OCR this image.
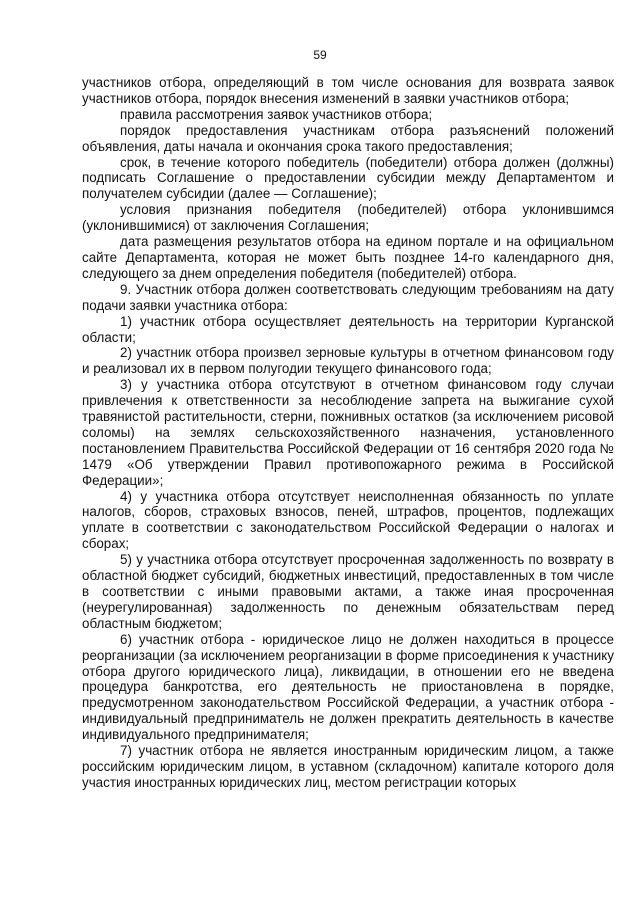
59

участников отбора, определяющий в том числе основания для возврата заявок участников отбора, порядок внесения изменений в заявки участников отбора;

правила рассмотрения заявок участников отбора;

порядок предоставления участникам отбора разъяснений положений объявления, даты начала и окончания срока такого предоставления;

срок, в течение которого победитель (победители) отбора должен (должны) подписать Соглашение о предоставлении субсидии между Департаментом и получателем субсидии (далее — Соглашение);

условия признания победителя (победителей) отбора уклонившимся (уклонившимися) от заключения Соглашения;

дата размещения результатов отбора на едином портале и на официальном сайте Департамента, которая не может быть позднее 14-го календарного дня, следующего за днем определения победителя (победителей) отбора.

9. Участник отбора должен соответствовать следующим требованиям на дату подачи заявки участника отбора:

1) участник отбора осуществляет деятельность на территории Курганской области;

2) участник отбора произвел зерновые культуры в отчетном финансовом году и реализовал их в первом полугодии текущего финансового года;

3) у участника отбора отсутствуют в отчетном финансовом году случаи привлечения к ответственности за несоблюдение запрета на выжигание сухой травянистой растительности, стерни, пожнивных остатков (за исключением рисовой соломы) на землях сельскохозяйственного назначения, установленного постановлением Правительства Российской Федерации от 16 сентября 2020 года № 1479 «Об утверждении Правил противопожарного режима в Российской Федерации»;

4) у участника отбора отсутствует неисполненная обязанность по уплате налогов, сборов, страховых взносов, пеней, штрафов, процентов, подлежащих уплате в соответствии с законодательством Российской Федерации о налогах и сборах;

5) у участника отбора отсутствует просроченная задолженность по возврату в областной бюджет субсидий, бюджетных инвестиций, предоставленных в том числе в соответствии с иными правовыми актами, а также иная просроченная (неурегулированная) задолженность по денежным обязательствам перед областным бюджетом;

6) участник отбора - юридическое лицо не должен находиться в процессе реорганизации (за исключением реорганизации в форме присоединения к участнику отбора другого юридического лица), ликвидации, в отношении его не введена процедура банкротства, его деятельность не приостановлена в порядке, предусмотренном законодательством Российской Федерации, а участник отбора - индивидуальный предприниматель не должен прекратить деятельность в качестве индивидуального предпринимателя;

7) участник отбора не является иностранным юридическим лицом, а также российским юридическим лицом, в уставном (складочном) капитале которого доля участия иностранных юридических лиц, местом регистрации которых
